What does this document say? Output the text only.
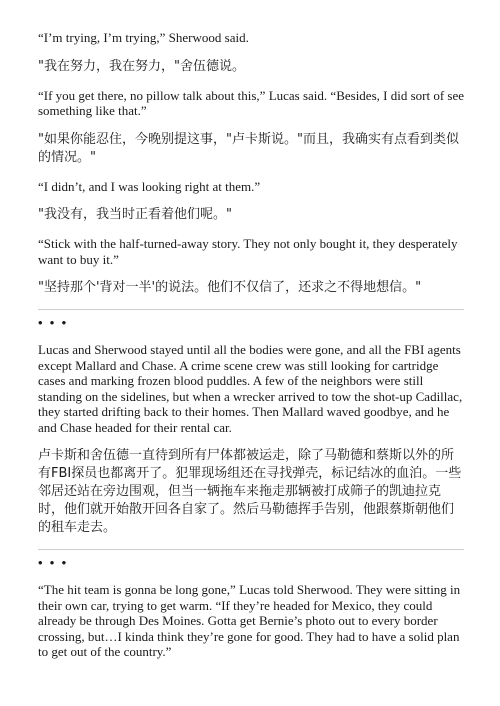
“I’m trying, I’m trying,” Sherwood said.

"我在努力，我在努力，"舍伍德说。

“If you get there, no pillow talk about this,” Lucas said. “Besides, I did sort of see something like that.”

"如果你能忍住，今晚别提这事，"卢卡斯说。"而且，我确实有点看到类似的情况。"

“I didn’t, and I was looking right at them.”

"我没有，我当时正看着他们呢。"

“Stick with the half-turned-away story. They not only bought it, they desperately want to buy it.”

"坚持那个'背对一半'的说法。他们不仅信了，还求之不得地想信。"

• • •

Lucas and Sherwood stayed until all the bodies were gone, and all the FBI agents except Mallard and Chase. A crime scene crew was still looking for cartridge cases and marking frozen blood puddles. A few of the neighbors were still standing on the sidelines, but when a wrecker arrived to tow the shot-up Cadillac, they started drifting back to their homes. Then Mallard waved goodbye, and he and Chase headed for their rental car.

卢卡斯和舍伍德一直待到所有尸体都被运走，除了马勒德和蔡斯以外的所有FBI探员也都离开了。犯罪现场组还在寻找弹壳，标记结冰的血泊。一些邻居还站在旁边围观，但当一辆拖车来拖走那辆被打成筛子的凯迪拉克时，他们就开始散开回各自家了。然后马勒德挥手告别，他跟蔡斯朝他们的租车走去。

• • •

“The hit team is gonna be long gone,” Lucas told Sherwood. They were sitting in their own car, trying to get warm. “If they’re headed for Mexico, they could already be through Des Moines. Gotta get Bernie’s photo out to every border crossing, but…I kinda think they’re gone for good. They had to have a solid plan to get out of the country.”
